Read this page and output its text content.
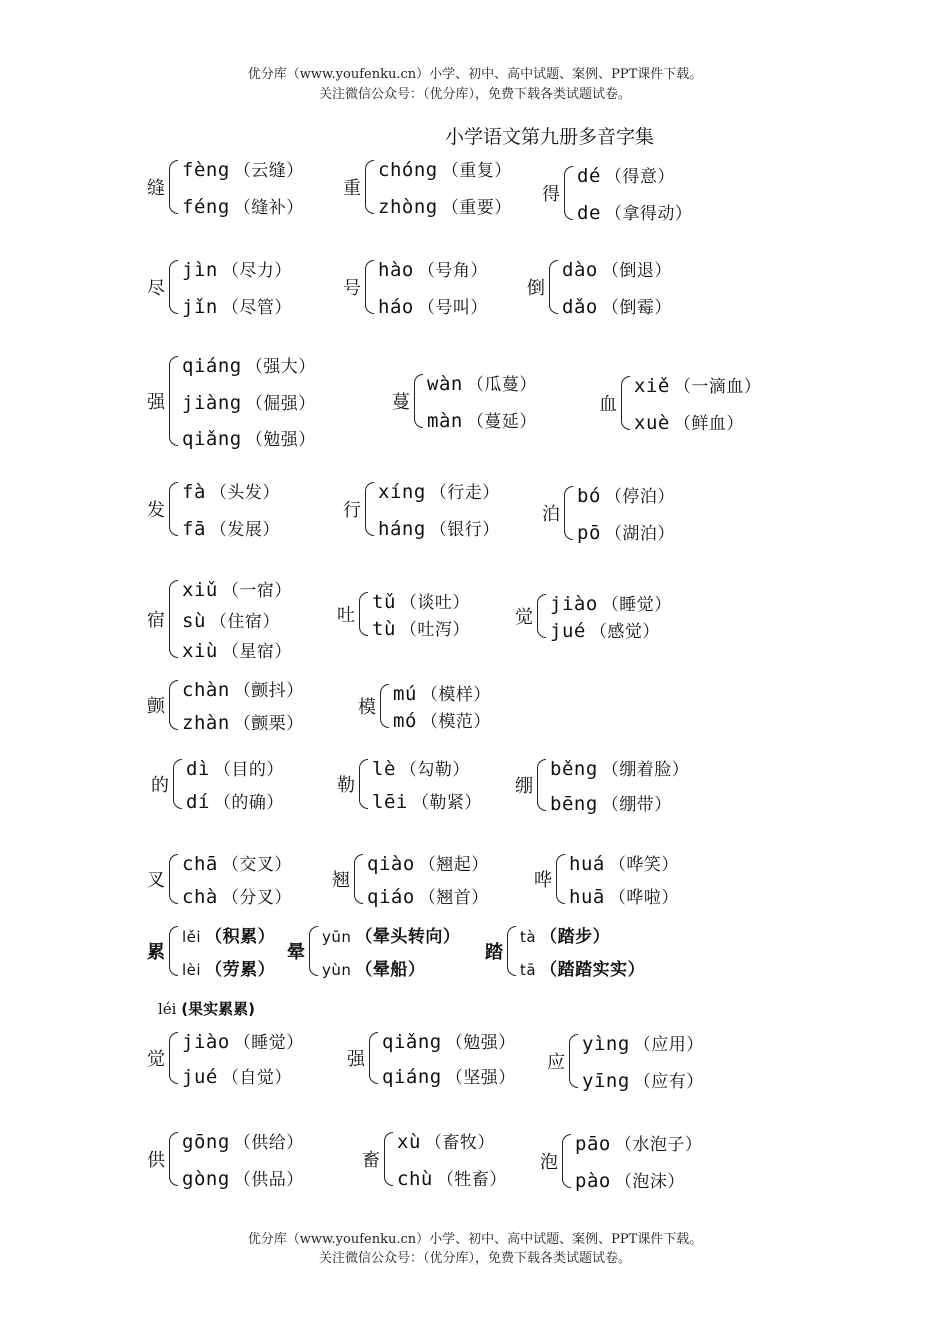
优分库（www.youfenku.cn）小学、初中、高中试题、案例、PPT课件下载。
关注微信公众号：（优分库），免费下载各类试题试卷。
优分库（www.youfenku.cn）小学、初中、高中试题、案例、PPT课件下载。
关注微信公众号：（优分库），免费下载各类试题试卷。
小学语文第九册多音字集
缝
fèng （云缝）
féng （缝补）
重
chóng （重复）
zhòng （重要）
得
dé （得意）
de （拿得动）
尽
jìn （尽力）
jǐn （尽管）
号
hào （号角）
háo （号叫）
倒
dào （倒退）
dǎo （倒霉）
强
qiáng （强大）
jiàng （倔强）
qiǎng （勉强）
蔓
wàn （瓜蔓）
màn （蔓延）
血
xiě （一滴血）
xuè （鲜血）
发
fà （头发）
fā （发展）
行
xíng （行走）
háng （银行）
泊
bó （停泊）
pō （湖泊）
宿
xiǔ （一宿）
sù （住宿）
xiù （星宿）
吐
tǔ （谈吐）
tù （吐泻）
觉
jiào （睡觉）
jué （感觉）
颤
chàn （颤抖）
zhàn （颤栗）
模
mú （模样）
mó （模范）
的
dì （目的）
dí （的确）
勒
lè （勾勒）
lēi （勒紧）
绷
běng （绷着脸）
bēng （绷带）
叉
chā （交叉）
chà （分叉）
翘
qiào （翘起）
qiáo （翘首）
哗
huá （哗笑）
huā （哗啦）
累
lěi （积累）
lèi （劳累）
晕
yūn （晕头转向）
yùn （晕船）
踏
tà （踏步）
tā （踏踏实实）
觉
jiào （睡觉）
jué （自觉）
强
qiǎng （勉强）
qiáng （坚强）
应
yìng （应用）
yīng （应有）
供
gōng （供给）
gòng （供品）
畜
xù （畜牧）
chù （牲畜）
泡
pāo （水泡子）
pào （泡沫）
léi (果实累累)
